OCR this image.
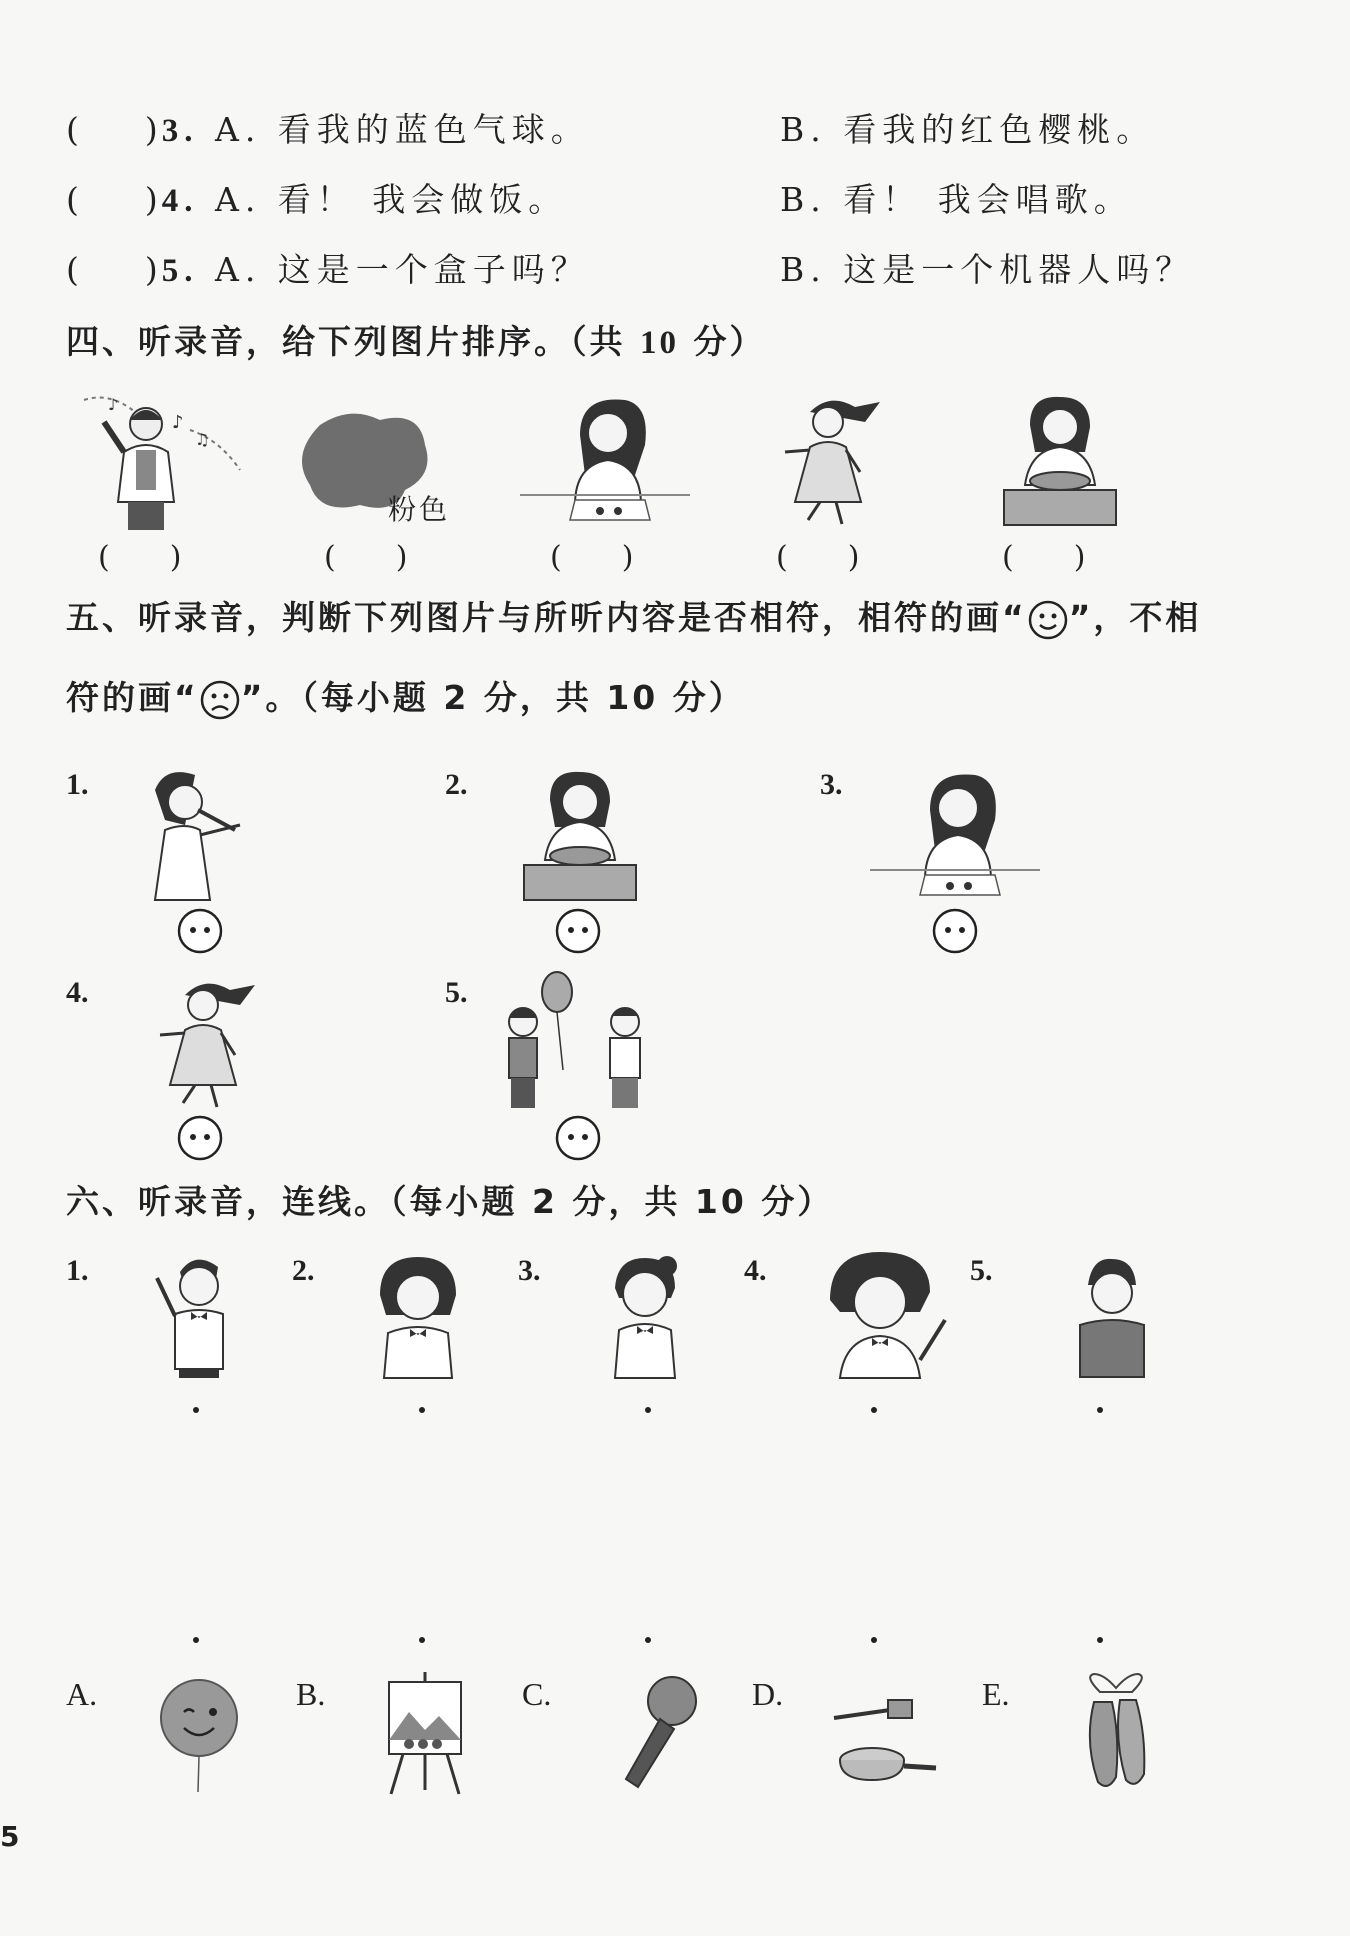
(　　) 3. A. 看我的蓝色气球。	B. 看我的红色樱桃。
(　　) 4. A. 看！ 我会做饭。	B. 看！ 我会唱歌。
(　　) 5. A. 这是一个盒子吗？	B. 这是一个机器人吗？
四、听录音，给下列图片排序。（共 10 分）
♪
♪
♫
粉色
(　　)	(　　)	(　　)	(　　)	(　　)
五、听录音，判断下列图片与所听内容是否相符，相符的画“ ”，不相
符的画“ ”。（每小题 2 分，共 10 分）
1.	2.	3.
4.	5.
六、听录音，连线。（每小题 2 分，共 10 分）
1.	2.	3.	4.	5.
A.	B.	C.	D.	E.
5
